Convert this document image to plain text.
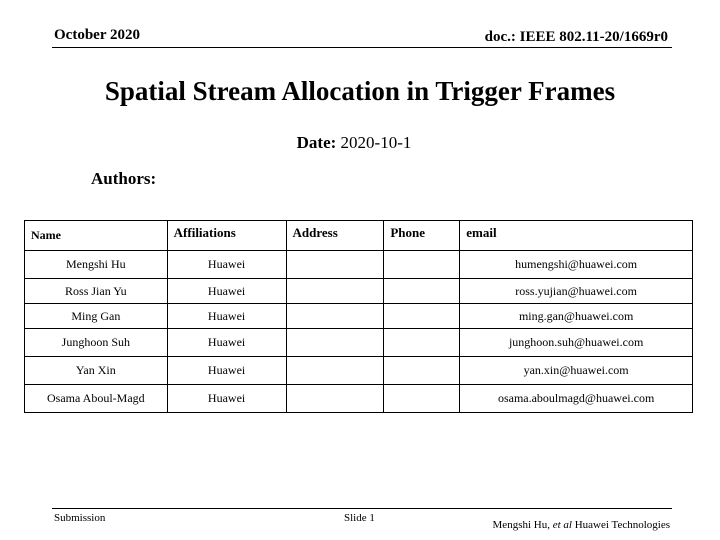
October 2020	doc.: IEEE 802.11-20/1669r0
Spatial Stream Allocation in Trigger Frames
Date: 2020-10-1
Authors:
Name	Affiliations	Address	Phone	email
Mengshi Hu	Huawei			humengshi@huawei.com
Ross Jian Yu	Huawei			ross.yujian@huawei.com
Ming Gan	Huawei			ming.gan@huawei.com
Junghoon Suh	Huawei			junghoon.suh@huawei.com
Yan Xin	Huawei			yan.xin@huawei.com
Osama Aboul-Magd	Huawei			osama.aboulmagd@huawei.com
Submission	Slide 1
Mengshi Hu, et al Huawei Technologies
